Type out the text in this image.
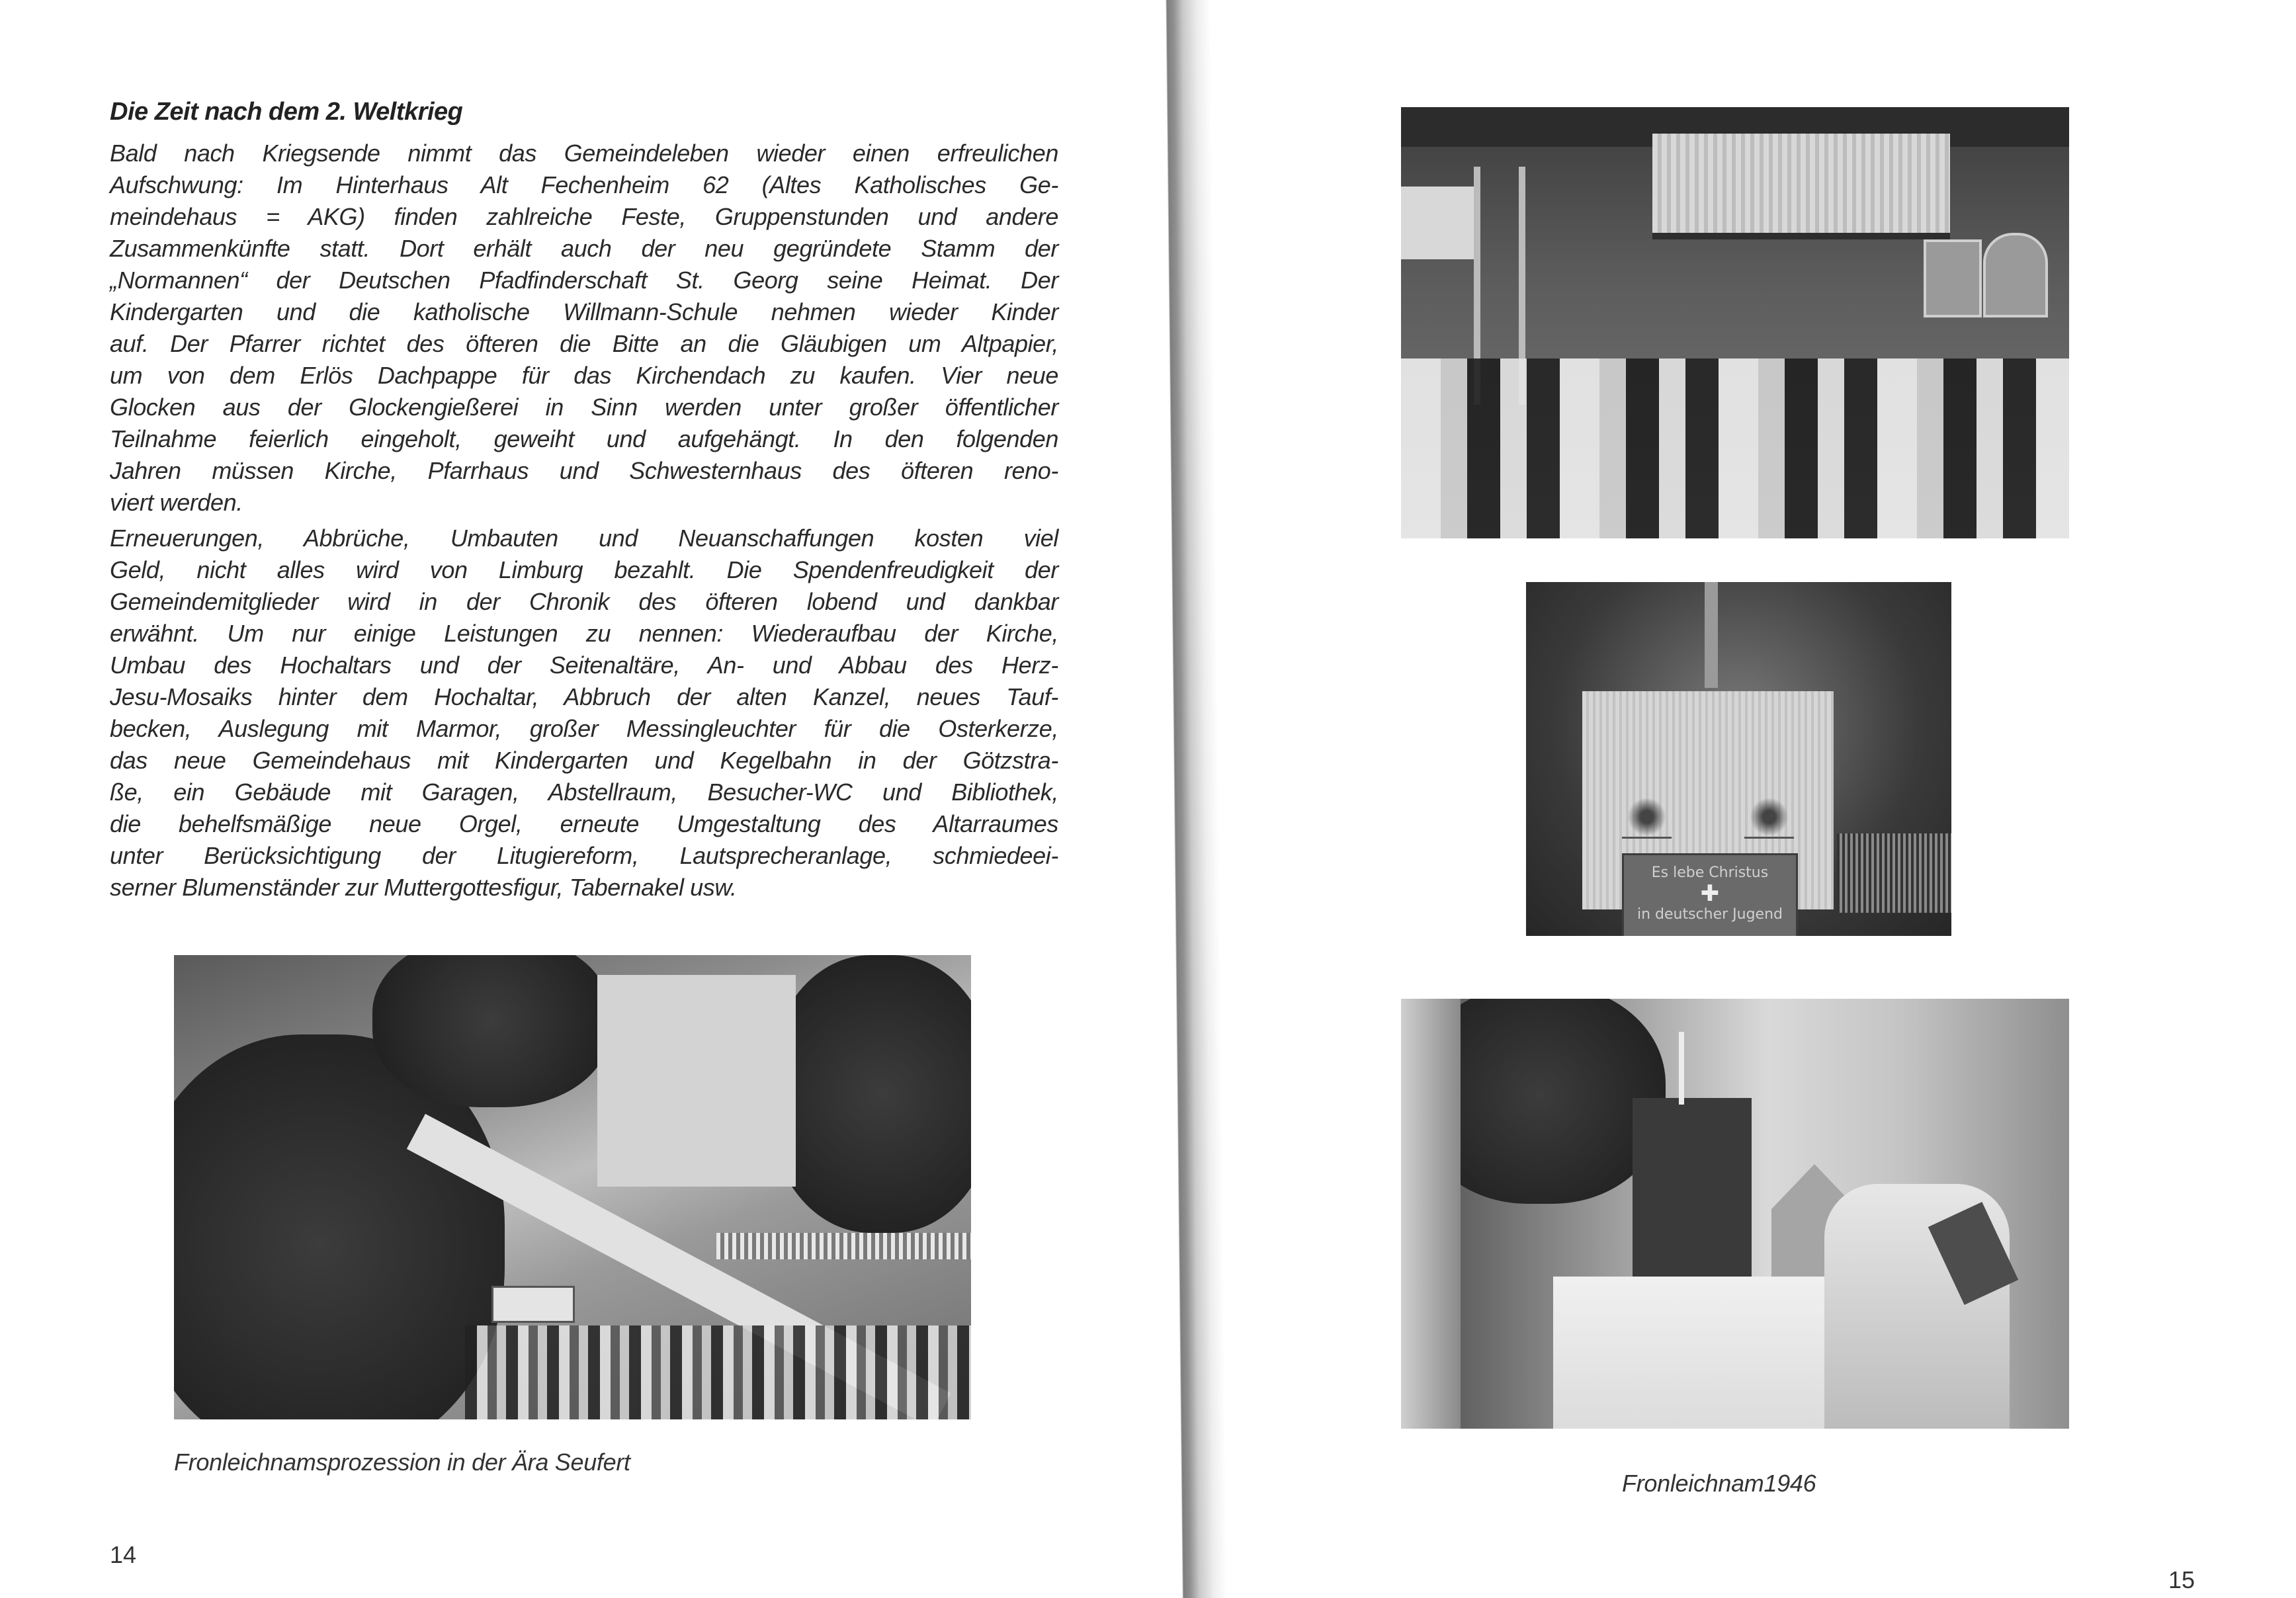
Die Zeit nach dem 2. Weltkrieg
Bald nach Kriegsende nimmt das Gemeindeleben wieder einen erfreulichen
Aufschwung: Im Hinterhaus Alt Fechenheim 62 (Altes Katholisches Ge-
meindehaus = AKG) finden zahlreiche Feste, Gruppenstunden und andere
Zusammenkünfte statt. Dort erhält auch der neu gegründete Stamm der
„Normannen“ der Deutschen Pfadfinderschaft St. Georg seine Heimat. Der
Kindergarten und die katholische Willmann-Schule nehmen wieder Kinder
auf. Der Pfarrer richtet des öfteren die Bitte an die Gläubigen um Altpapier,
um von dem Erlös Dachpappe für das Kirchendach zu kaufen. Vier neue
Glocken aus der Glockengießerei in Sinn werden unter großer öffentlicher
Teilnahme feierlich eingeholt, geweiht und aufgehängt. In den folgenden
Jahren müssen Kirche, Pfarrhaus und Schwesternhaus des öfteren reno-
viert werden.
Erneuerungen, Abbrüche, Umbauten und Neuanschaffungen kosten viel
Geld, nicht alles wird von Limburg bezahlt. Die Spendenfreudigkeit der
Gemeindemitglieder wird in der Chronik des öfteren lobend und dankbar
erwähnt. Um nur einige Leistungen zu nennen: Wiederaufbau der Kirche,
Umbau des Hochaltars und der Seitenaltäre, An- und Abbau des Herz-
Jesu-Mosaiks hinter dem Hochaltar, Abbruch der alten Kanzel, neues Tauf-
becken, Auslegung mit Marmor, großer Messingleuchter für die Osterkerze,
das neue Gemeindehaus mit Kindergarten und Kegelbahn in der Götzstra-
ße, ein Gebäude mit Garagen, Abstellraum, Besucher-WC und Bibliothek,
die behelfsmäßige neue Orgel, erneute Umgestaltung des Altarraumes
unter Berücksichtigung der Litugiereform, Lautsprecheranlage, schmiedeei-
serner Blumenständer zur Muttergottesfigur, Tabernakel usw.
Fronleichnamsprozession in der Ära Seufert
14
Es lebe Christus
✚
in deutscher Jugend
Fronleichnam1946
15
